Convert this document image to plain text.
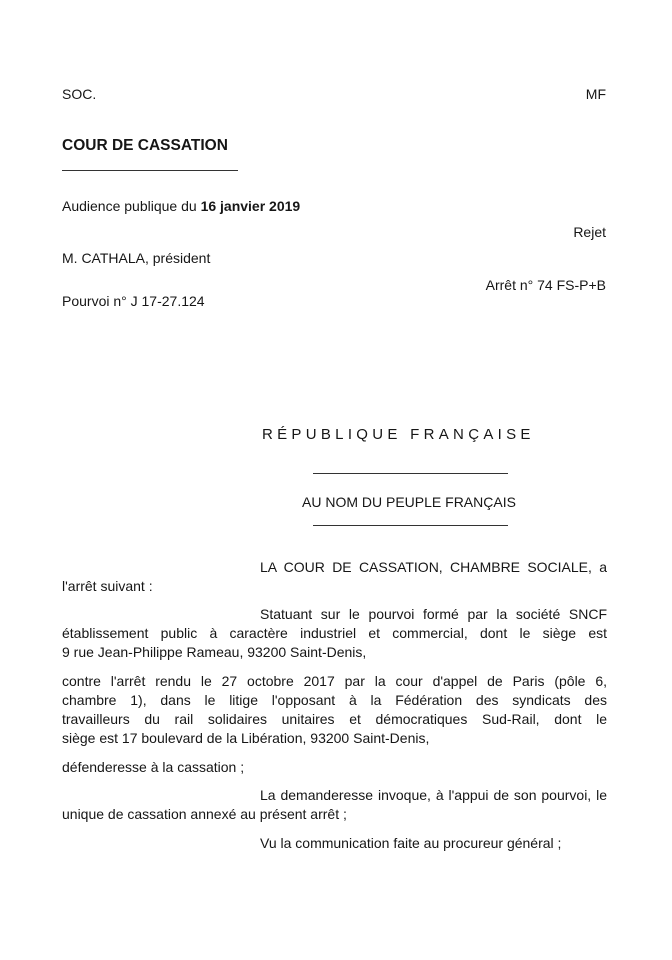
SOC.	MF
COUR DE CASSATION
Audience publique du 16 janvier 2019
Rejet
M. CATHALA, président
Arrêt n° 74 FS-P+B
Pourvoi n° J 17-27.124
RÉPUBLIQUE FRANÇAISE
AU NOM DU PEUPLE FRANÇAIS
LA COUR DE CASSATION, CHAMBRE SOCIALE, a
l'arrêt suivant :
Statuant sur le pourvoi formé par la société SNCF
établissement public à caractère industriel et commercial, dont le siège est
9 rue Jean-Philippe Rameau, 93200 Saint-Denis,
contre l'arrêt rendu le 27 octobre 2017 par la cour d'appel de Paris (pôle 6,
chambre 1), dans le litige l'opposant à la Fédération des syndicats des
travailleurs du rail solidaires unitaires et démocratiques Sud-Rail, dont le
siège est 17 boulevard de la Libération, 93200 Saint-Denis,
défenderesse à la cassation ;
La demanderesse invoque, à l'appui de son pourvoi, le
unique de cassation annexé au présent arrêt ;
Vu la communication faite au procureur général ;
